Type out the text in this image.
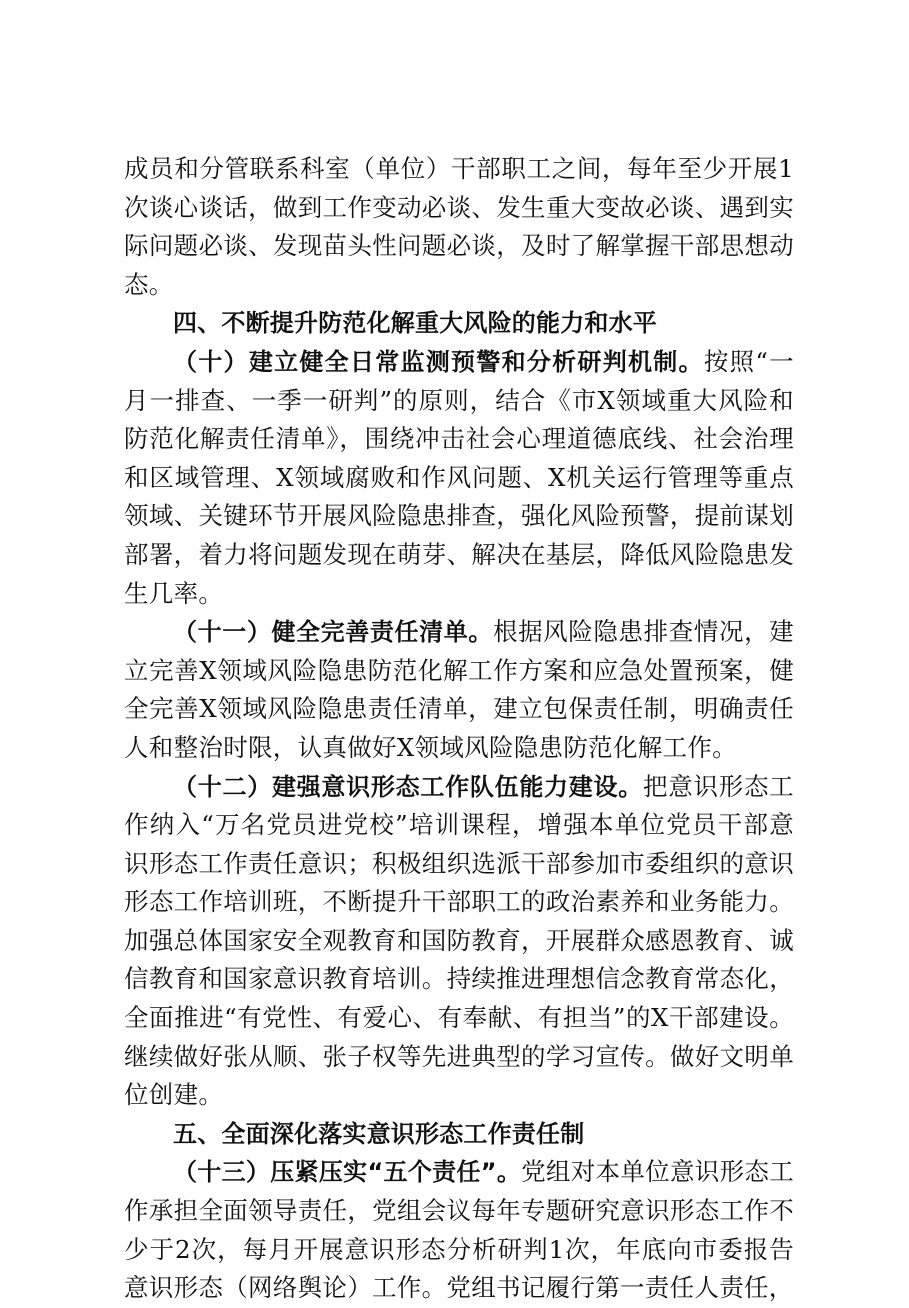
成员和分管联系科室（单位）干部职工之间，每年至少开展1次谈心谈话，做到工作变动必谈、发生重大变故必谈、遇到实际问题必谈、发现苗头性问题必谈，及时了解掌握干部思想动态。

四、不断提升防范化解重大风险的能力和水平

（十）建立健全日常监测预警和分析研判机制。按照“一月一排查、一季一研判”的原则，结合《市X领域重大风险和防范化解责任清单》，围绕冲击社会心理道德底线、社会治理和区域管理、X领域腐败和作风问题、X机关运行管理等重点领域、关键环节开展风险隐患排查，强化风险预警，提前谋划部署，着力将问题发现在萌芽、解决在基层，降低风险隐患发生几率。

（十一）健全完善责任清单。根据风险隐患排查情况，建立完善X领域风险隐患防范化解工作方案和应急处置预案，健全完善X领域风险隐患责任清单，建立包保责任制，明确责任人和整治时限，认真做好X领域风险隐患防范化解工作。

（十二）建强意识形态工作队伍能力建设。把意识形态工作纳入“万名党员进党校”培训课程，增强本单位党员干部意识形态工作责任意识；积极组织选派干部参加市委组织的意识形态工作培训班，不断提升干部职工的政治素养和业务能力。加强总体国家安全观教育和国防教育，开展群众感恩教育、诚信教育和国家意识教育培训。持续推进理想信念教育常态化，全面推进“有党性、有爱心、有奉献、有担当”的X干部建设。继续做好张从顺、张子权等先进典型的学习宣传。做好文明单位创建。

五、全面深化落实意识形态工作责任制

（十三）压紧压实“五个责任”。党组对本单位意识形态工作承担全面领导责任，党组会议每年专题研究意识形态工作不少于2次，每月开展意识形态分析研判1次，年底向市委报告意识形态（网络舆论）工作。党组书记履行第一责任人责任，
